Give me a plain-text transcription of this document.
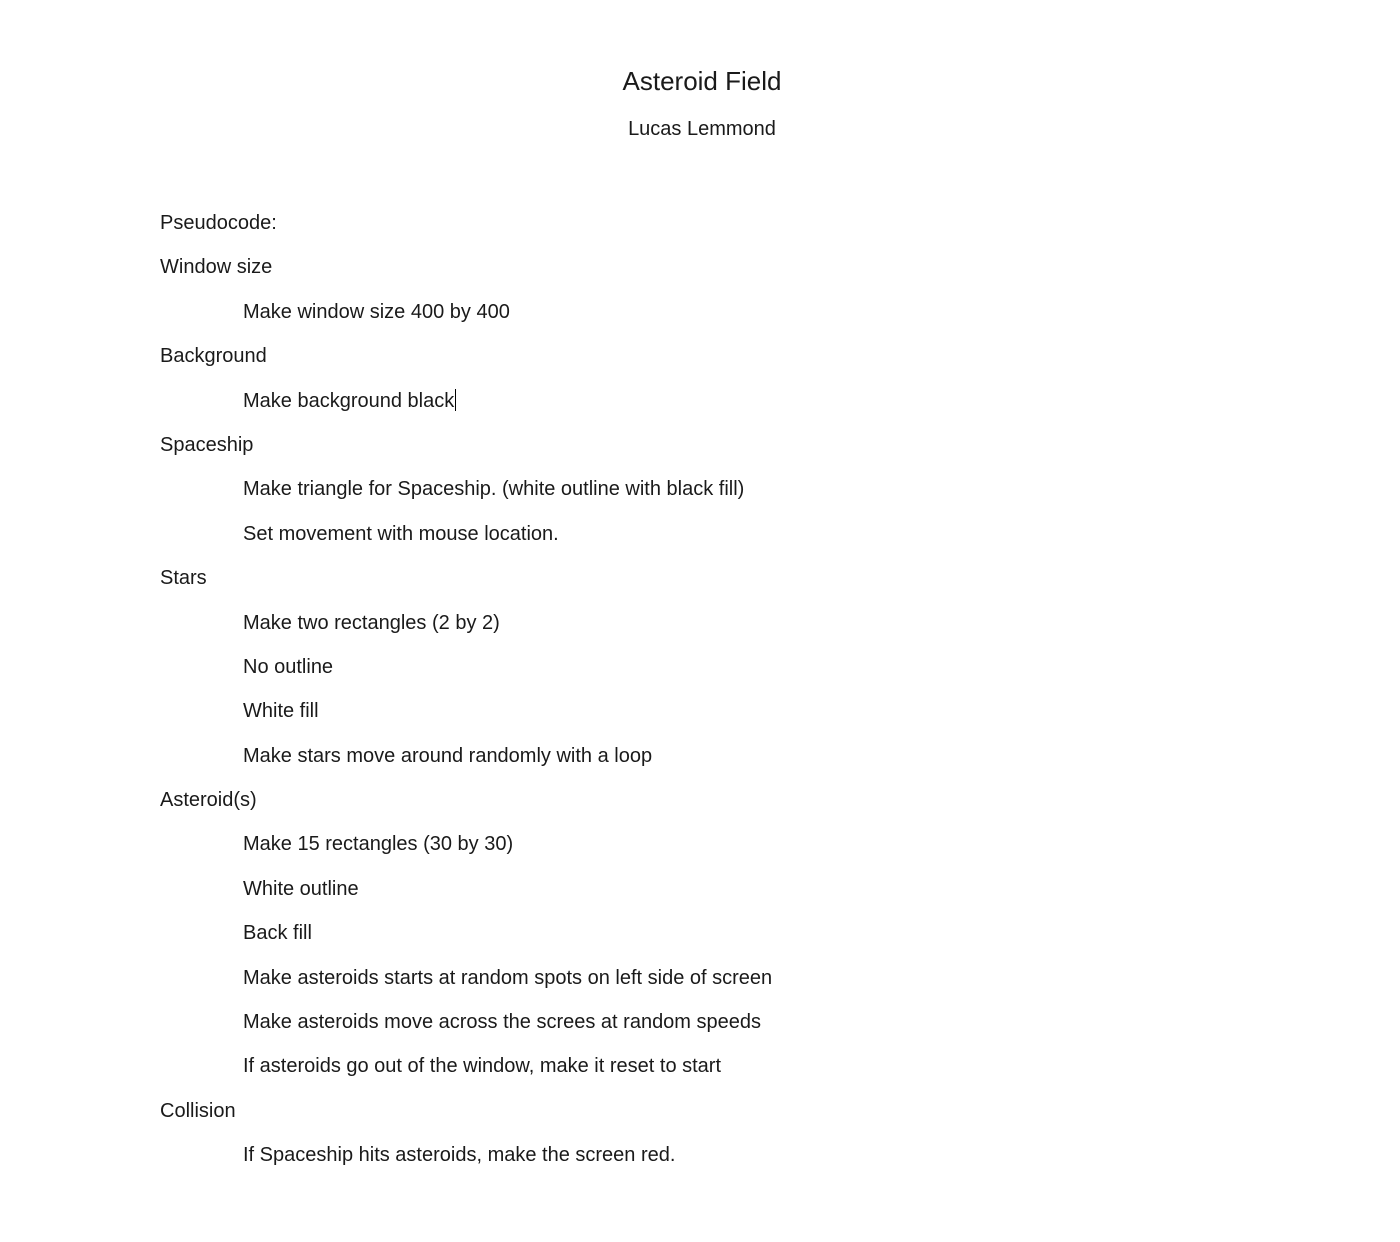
Asteroid Field
Lucas Lemmond
Pseudocode:
Window size
Make window size 400 by 400
Background
Make background black
Spaceship
Make triangle for Spaceship. (white outline with black fill)
Set movement with mouse location.
Stars
Make two rectangles (2 by 2)
No outline
White fill
Make stars move around randomly with a loop
Asteroid(s)
Make 15 rectangles (30 by 30)
White outline
Back fill
Make asteroids starts at random spots on left side of screen
Make asteroids move across the screes at random speeds
If asteroids go out of the window, make it reset to start
Collision
If Spaceship hits asteroids, make the screen red.
